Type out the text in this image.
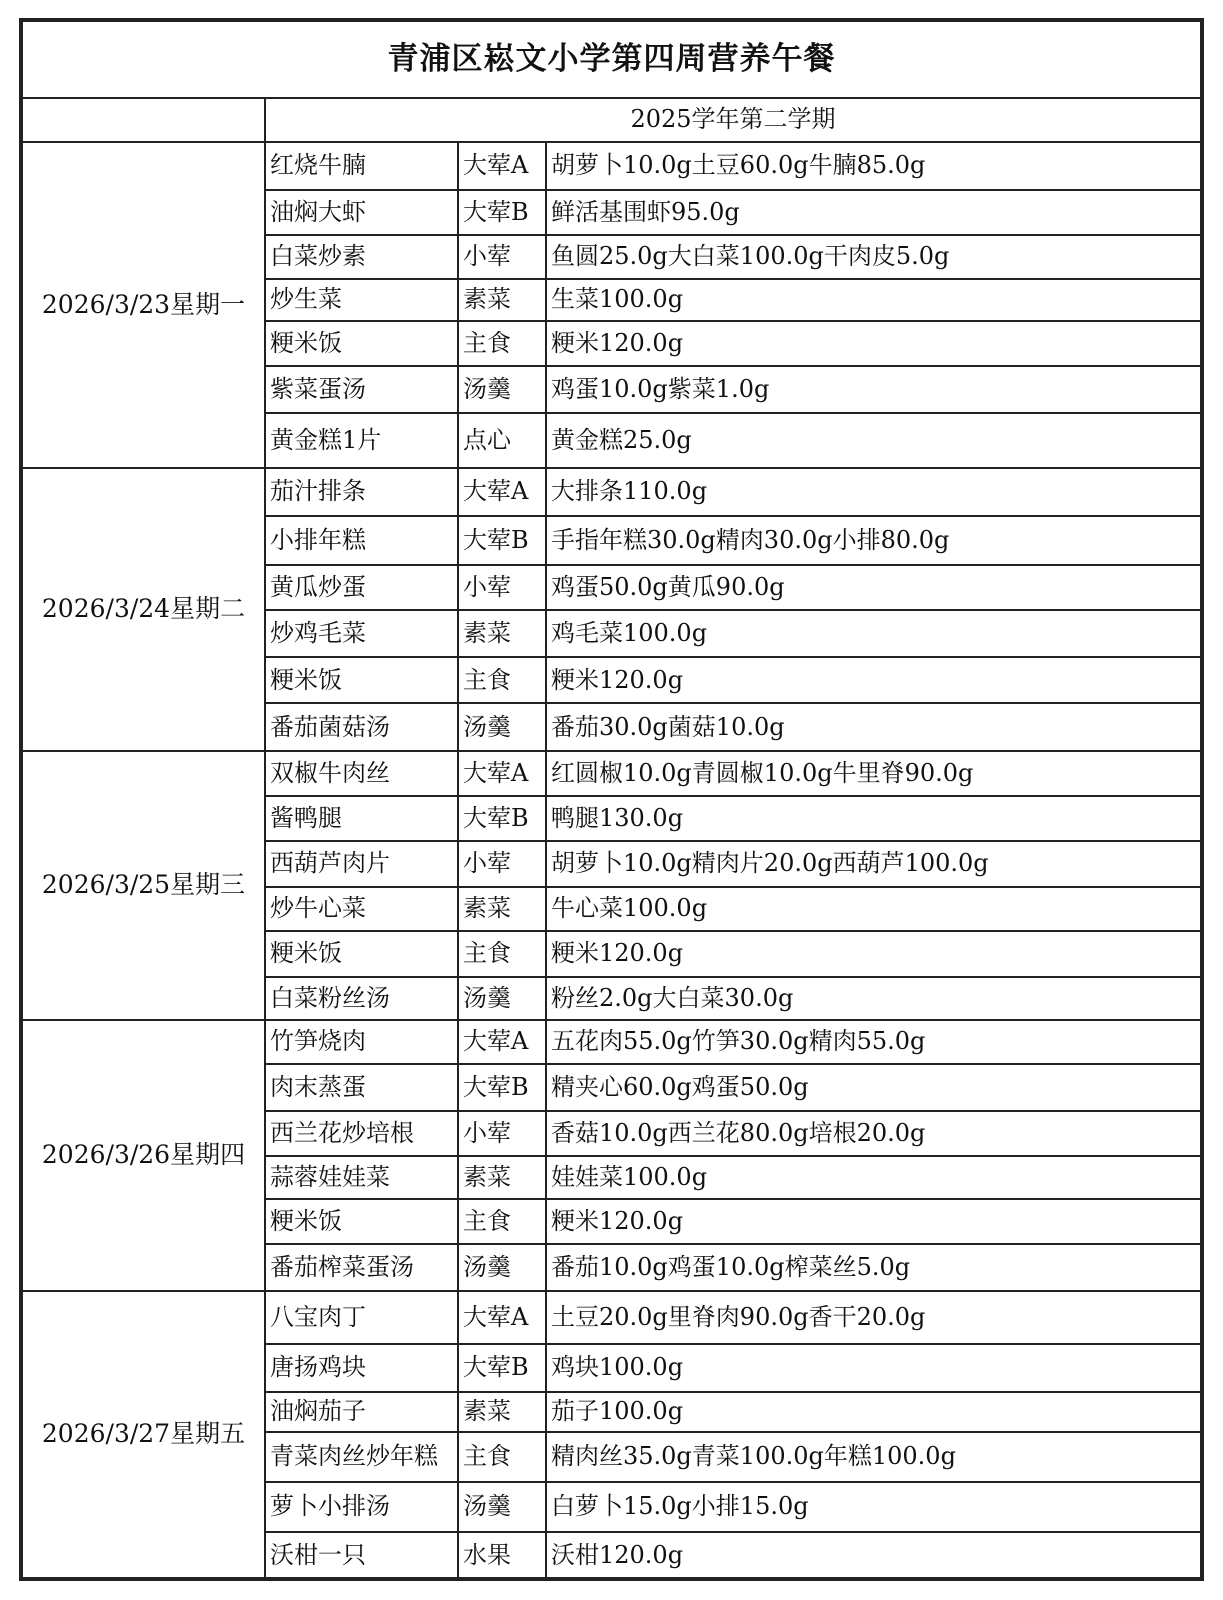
青浦区崧文小学第四周营养午餐			
	2025学年第二学期		
2026/3/23星期一	红烧牛腩	大荤A	胡萝卜10.0g土豆60.0g牛腩85.0g
	油焖大虾	大荤B	鲜活基围虾95.0g
	白菜炒素	小荤	鱼圆25.0g大白菜100.0g干肉皮5.0g
	炒生菜	素菜	生菜100.0g
	粳米饭	主食	粳米120.0g
	紫菜蛋汤	汤羹	鸡蛋10.0g紫菜1.0g
	黄金糕1片	点心	黄金糕25.0g
2026/3/24星期二	茄汁排条	大荤A	大排条110.0g
	小排年糕	大荤B	手指年糕30.0g精肉30.0g小排80.0g
	黄瓜炒蛋	小荤	鸡蛋50.0g黄瓜90.0g
	炒鸡毛菜	素菜	鸡毛菜100.0g
	粳米饭	主食	粳米120.0g
	番茄菌菇汤	汤羹	番茄30.0g菌菇10.0g
2026/3/25星期三	双椒牛肉丝	大荤A	红圆椒10.0g青圆椒10.0g牛里脊90.0g
	酱鸭腿	大荤B	鸭腿130.0g
	西葫芦肉片	小荤	胡萝卜10.0g精肉片20.0g西葫芦100.0g
	炒牛心菜	素菜	牛心菜100.0g
	粳米饭	主食	粳米120.0g
	白菜粉丝汤	汤羹	粉丝2.0g大白菜30.0g
2026/3/26星期四	竹笋烧肉	大荤A	五花肉55.0g竹笋30.0g精肉55.0g
	肉末蒸蛋	大荤B	精夹心60.0g鸡蛋50.0g
	西兰花炒培根	小荤	香菇10.0g西兰花80.0g培根20.0g
	蒜蓉娃娃菜	素菜	娃娃菜100.0g
	粳米饭	主食	粳米120.0g
	番茄榨菜蛋汤	汤羹	番茄10.0g鸡蛋10.0g榨菜丝5.0g
2026/3/27星期五	八宝肉丁	大荤A	土豆20.0g里脊肉90.0g香干20.0g
	唐扬鸡块	大荤B	鸡块100.0g
	油焖茄子	素菜	茄子100.0g
	青菜肉丝炒年糕	主食	精肉丝35.0g青菜100.0g年糕100.0g
	萝卜小排汤	汤羹	白萝卜15.0g小排15.0g
	沃柑一只	水果	沃柑120.0g
